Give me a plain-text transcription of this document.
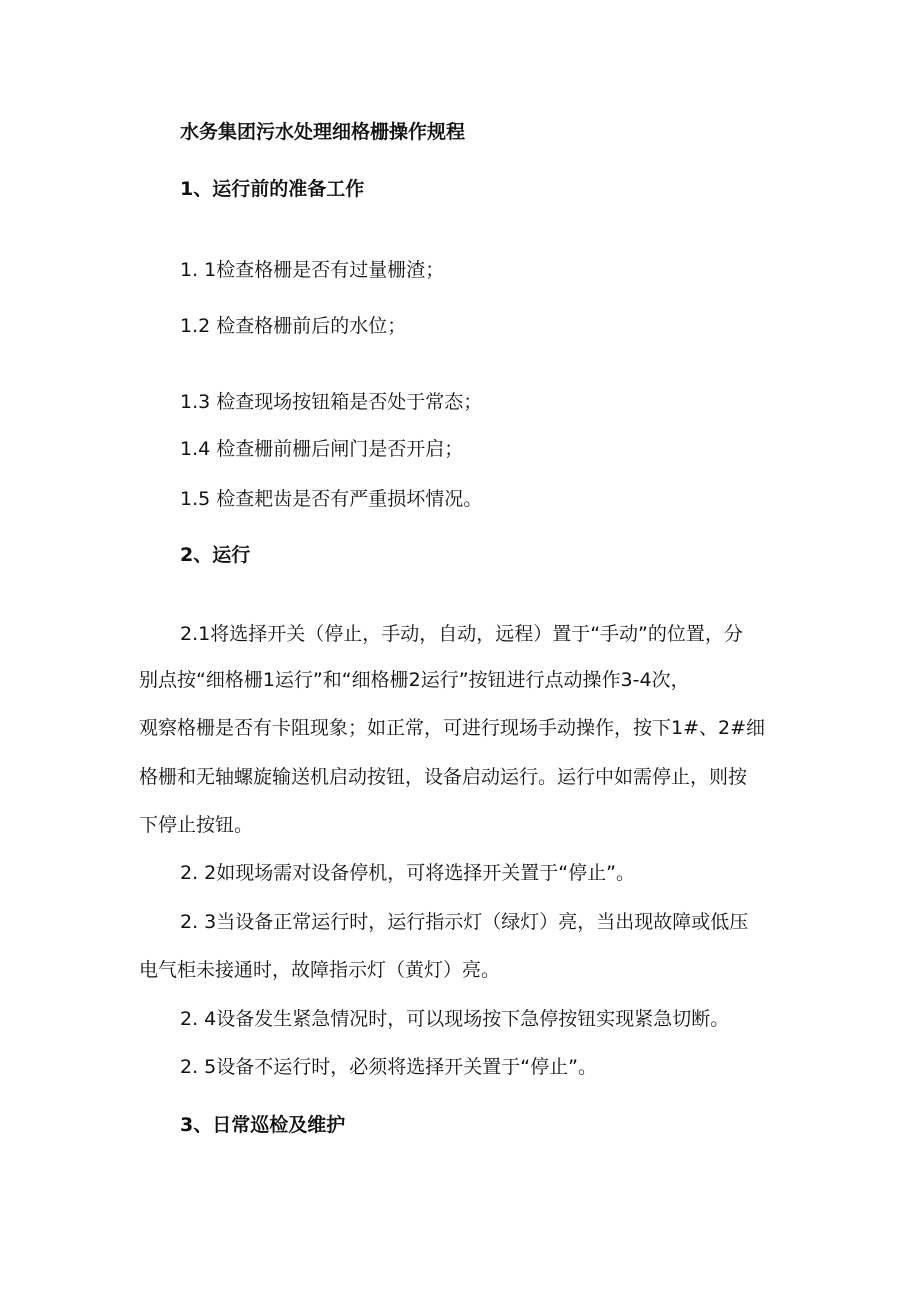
水务集团污水处理细格栅操作规程
1、运行前的准备工作
1. 1检查格栅是否有过量栅渣；
1.2 检查格栅前后的水位；
1.3 检查现场按钮箱是否处于常态；
1.4 检查栅前栅后闸门是否开启；
1.5 检查耙齿是否有严重损坏情况。
2、运行
2.1将选择开关（停止，手动，自动，远程）置于“手动”的位置，分
别点按“细格栅1运行”和“细格栅2运行”按钮进行点动操作3-4次，
观察格栅是否有卡阻现象；如正常，可进行现场手动操作，按下1#、2#细
格栅和无轴螺旋输送机启动按钮，设备启动运行。运行中如需停止，则按
下停止按钮。
2. 2如现场需对设备停机，可将选择开关置于“停止”。
2. 3当设备正常运行时，运行指示灯（绿灯）亮，当出现故障或低压
电气柜未接通时，故障指示灯（黄灯）亮。
2. 4设备发生紧急情况时，可以现场按下急停按钮实现紧急切断。
2. 5设备不运行时，必须将选择开关置于“停止”。
3、日常巡检及维护
